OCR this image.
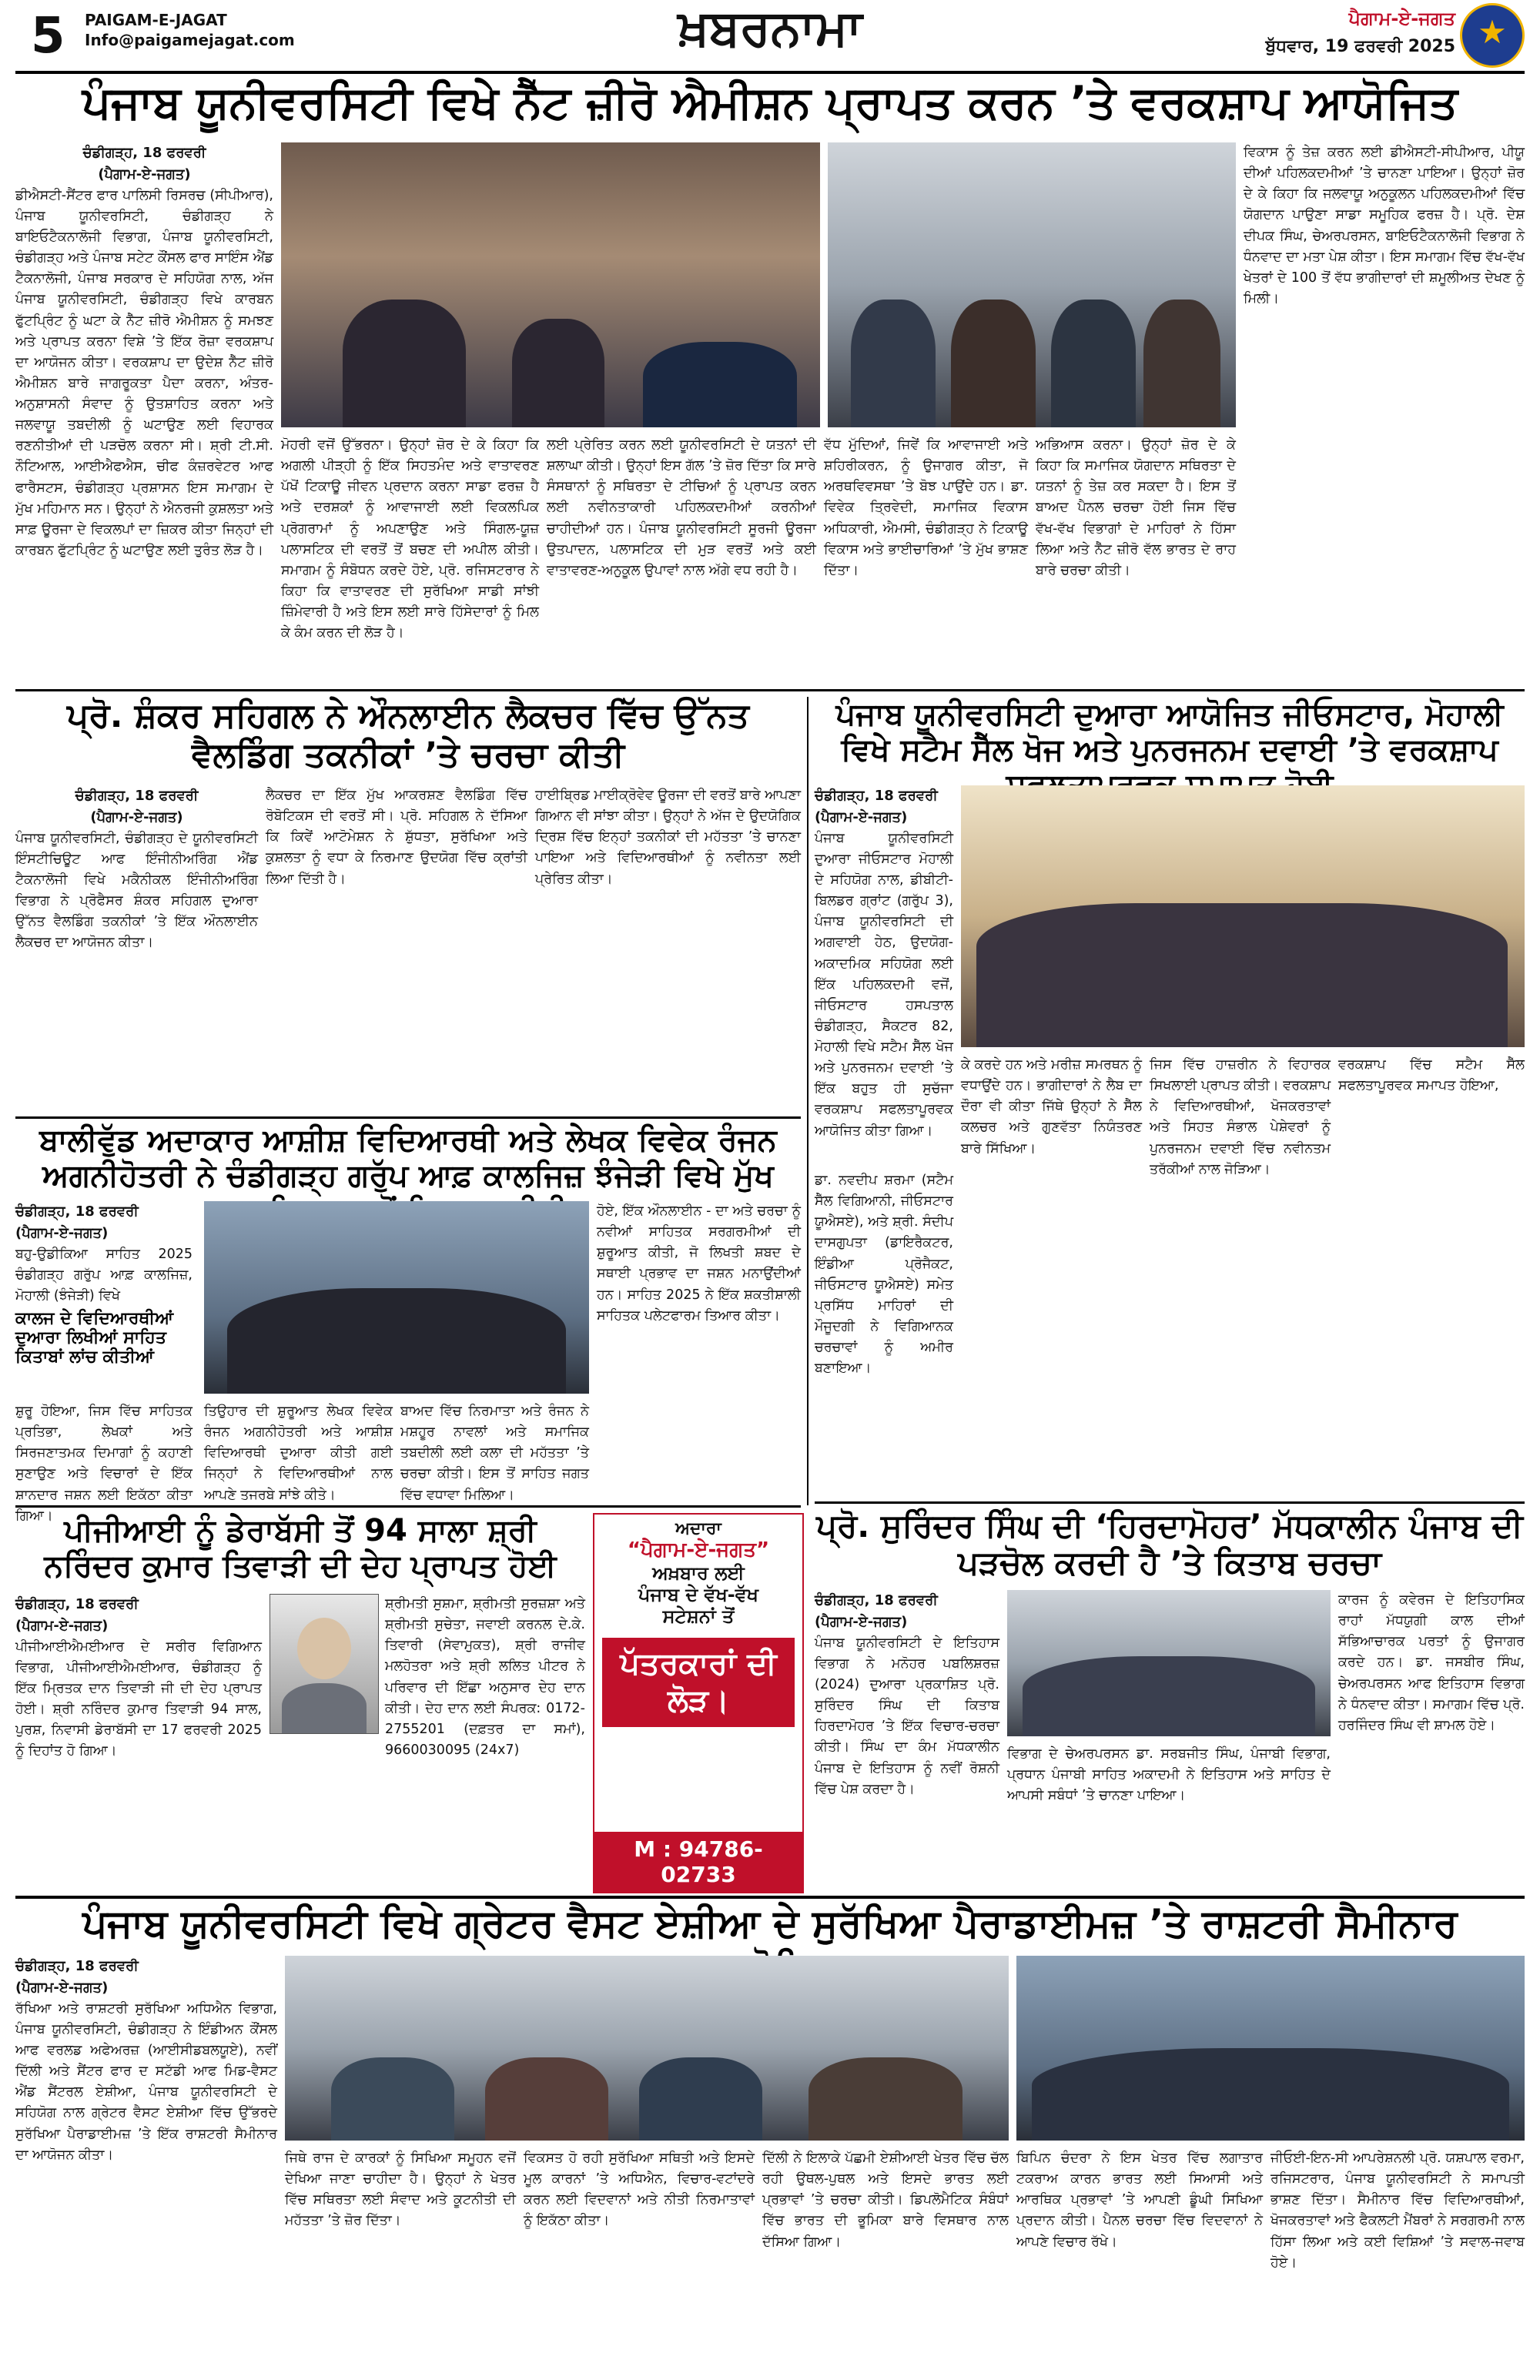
5 PAIGAM-E-JAGAT
Info@paigamejagat.com	ਖ਼ਬਰਨਾਮਾ	ਪੈਗਾਮ-ਏ-ਜਗਤ
ਬੁੱਧਵਾਰ, 19 ਫਰਵਰੀ 2025
★
ਪੰਜਾਬ ਯੂਨੀਵਰਸਿਟੀ ਵਿਖੇ ਨੈੱਟ ਜ਼ੀਰੋ ਐਮੀਸ਼ਨ ਪ੍ਰਾਪਤ ਕਰਨ ’ਤੇ ਵਰਕਸ਼ਾਪ ਆਯੋਜਿਤ
ਚੰਡੀਗੜ੍ਹ, 18 ਫਰਵਰੀ
(ਪੈਗਾਮ-ਏ-ਜਗਤ)
ਡੀਐਸਟੀ-ਸੈਂਟਰ ਫਾਰ ਪਾਲਿਸੀ ਰਿਸਰਚ (ਸੀਪੀਆਰ), ਪੰਜਾਬ ਯੂਨੀਵਰਸਿਟੀ, ਚੰਡੀਗੜ੍ਹ ਨੇ ਬਾਇਓਟੈਕਨਾਲੋਜੀ ਵਿਭਾਗ, ਪੰਜਾਬ ਯੂਨੀਵਰਸਿਟੀ, ਚੰਡੀਗੜ੍ਹ ਅਤੇ ਪੰਜਾਬ ਸਟੇਟ ਕੌਂਸਲ ਫਾਰ ਸਾਇੰਸ ਐਂਡ ਟੈਕਨਾਲੋਜੀ, ਪੰਜਾਬ ਸਰਕਾਰ ਦੇ ਸਹਿਯੋਗ ਨਾਲ, ਅੱਜ ਪੰਜਾਬ ਯੂਨੀਵਰਸਿਟੀ, ਚੰਡੀਗੜ੍ਹ ਵਿਖੇ ਕਾਰਬਨ ਫੁੱਟਪ੍ਰਿੰਟ ਨੂੰ ਘਟਾ ਕੇ ਨੈੱਟ ਜ਼ੀਰੋ ਐਮੀਸ਼ਨ ਨੂੰ ਸਮਝਣ ਅਤੇ ਪ੍ਰਾਪਤ ਕਰਨਾ ਵਿਸ਼ੇ ’ਤੇ ਇੱਕ ਰੋਜ਼ਾ ਵਰਕਸ਼ਾਪ ਦਾ ਆਯੋਜਨ ਕੀਤਾ। ਵਰਕਸ਼ਾਪ ਦਾ ਉਦੇਸ਼ ਨੈੱਟ ਜ਼ੀਰੋ ਐਮੀਸ਼ਨ ਬਾਰੇ ਜਾਗਰੂਕਤਾ ਪੈਦਾ ਕਰਨਾ, ਅੰਤਰ-ਅਨੁਸ਼ਾਸਨੀ ਸੰਵਾਦ ਨੂੰ ਉਤਸ਼ਾਹਿਤ ਕਰਨਾ ਅਤੇ ਜਲਵਾਯੂ ਤਬਦੀਲੀ ਨੂੰ ਘਟਾਉਣ ਲਈ ਵਿਹਾਰਕ ਰਣਨੀਤੀਆਂ ਦੀ ਪੜਚੋਲ ਕਰਨਾ ਸੀ। ਸ਼੍ਰੀ ਟੀ.ਸੀ. ਨੌਟਿਆਲ, ਆਈਐਫਐਸ, ਚੀਫ ਕੰਜ਼ਰਵੇਟਰ ਆਫ ਫਾਰੈਸਟਸ, ਚੰਡੀਗੜ੍ਹ ਪ੍ਰਸ਼ਾਸਨ ਇਸ ਸਮਾਗਮ ਦੇ ਮੁੱਖ ਮਹਿਮਾਨ ਸਨ। ਉਨ੍ਹਾਂ ਨੇ ਐਨਰਜੀ ਕੁਸ਼ਲਤਾ ਅਤੇ ਸਾਫ਼ ਊਰਜਾ ਦੇ ਵਿਕਲਪਾਂ ਦਾ ਜ਼ਿਕਰ ਕੀਤਾ ਜਿਨ੍ਹਾਂ ਦੀ ਕਾਰਬਨ ਫੁੱਟਪ੍ਰਿੰਟ ਨੂੰ ਘਟਾਉਣ ਲਈ ਤੁਰੰਤ ਲੋੜ ਹੈ।
ਵਿਕਾਸ ਨੂੰ ਤੇਜ਼ ਕਰਨ ਲਈ ਡੀਐਸਟੀ-ਸੀਪੀਆਰ, ਪੀਯੂ ਦੀਆਂ ਪਹਿਲਕਦਮੀਆਂ ’ਤੇ ਚਾਨਣਾ ਪਾਇਆ। ਉਨ੍ਹਾਂ ਜ਼ੋਰ ਦੇ ਕੇ ਕਿਹਾ ਕਿ ਜਲਵਾਯੂ ਅਨੁਕੂਲਨ ਪਹਿਲਕਦਮੀਆਂ ਵਿੱਚ ਯੋਗਦਾਨ ਪਾਉਣਾ ਸਾਡਾ ਸਮੂਹਿਕ ਫਰਜ਼ ਹੈ। ਪ੍ਰੋ. ਦੇਸ਼ ਦੀਪਕ ਸਿੰਘ, ਚੇਅਰਪਰਸਨ, ਬਾਇਓਟੈਕਨਾਲੋਜੀ ਵਿਭਾਗ ਨੇ ਧੰਨਵਾਦ ਦਾ ਮਤਾ ਪੇਸ਼ ਕੀਤਾ। ਇਸ ਸਮਾਗਮ ਵਿੱਚ ਵੱਖ-ਵੱਖ ਖੇਤਰਾਂ ਦੇ 100 ਤੋਂ ਵੱਧ ਭਾਗੀਦਾਰਾਂ ਦੀ ਸ਼ਮੂਲੀਅਤ ਦੇਖਣ ਨੂੰ ਮਿਲੀ।
ਮੋਹਰੀ ਵਜੋਂ ਉੱਭਰਨਾ। ਉਨ੍ਹਾਂ ਜ਼ੋਰ ਦੇ ਕੇ ਕਿਹਾ ਕਿ ਅਗਲੀ ਪੀੜ੍ਹੀ ਨੂੰ ਇੱਕ ਸਿਹਤਮੰਦ ਅਤੇ ਵਾਤਾਵਰਣ ਪੱਖੋਂ ਟਿਕਾਊ ਜੀਵਨ ਪ੍ਰਦਾਨ ਕਰਨਾ ਸਾਡਾ ਫਰਜ਼ ਹੈ ਅਤੇ ਦਰਸ਼ਕਾਂ ਨੂੰ ਆਵਾਜਾਈ ਲਈ ਵਿਕਲਪਿਕ ਪ੍ਰੋਗਰਾਮਾਂ ਨੂੰ ਅਪਣਾਉਣ ਅਤੇ ਸਿੰਗਲ-ਯੂਜ਼ ਪਲਾਸਟਿਕ ਦੀ ਵਰਤੋਂ ਤੋਂ ਬਚਣ ਦੀ ਅਪੀਲ ਕੀਤੀ। ਸਮਾਗਮ ਨੂੰ ਸੰਬੋਧਨ ਕਰਦੇ ਹੋਏ, ਪ੍ਰੋ. ਰਜਿਸਟਰਾਰ ਨੇ ਕਿਹਾ ਕਿ ਵਾਤਾਵਰਣ ਦੀ ਸੁਰੱਖਿਆ ਸਾਡੀ ਸਾਂਝੀ ਜ਼ਿੰਮੇਵਾਰੀ ਹੈ ਅਤੇ ਇਸ ਲਈ ਸਾਰੇ ਹਿੱਸੇਦਾਰਾਂ ਨੂੰ ਮਿਲ ਕੇ ਕੰਮ ਕਰਨ ਦੀ ਲੋੜ ਹੈ।
ਲਈ ਪ੍ਰੇਰਿਤ ਕਰਨ ਲਈ ਯੂਨੀਵਰਸਿਟੀ ਦੇ ਯਤਨਾਂ ਦੀ ਸ਼ਲਾਘਾ ਕੀਤੀ। ਉਨ੍ਹਾਂ ਇਸ ਗੱਲ ’ਤੇ ਜ਼ੋਰ ਦਿੱਤਾ ਕਿ ਸਾਰੇ ਸੰਸਥਾਨਾਂ ਨੂੰ ਸਥਿਰਤਾ ਦੇ ਟੀਚਿਆਂ ਨੂੰ ਪ੍ਰਾਪਤ ਕਰਨ ਲਈ ਨਵੀਨਤਾਕਾਰੀ ਪਹਿਲਕਦਮੀਆਂ ਕਰਨੀਆਂ ਚਾਹੀਦੀਆਂ ਹਨ। ਪੰਜਾਬ ਯੂਨੀਵਰਸਿਟੀ ਸੂਰਜੀ ਊਰਜਾ ਉਤਪਾਦਨ, ਪਲਾਸਟਿਕ ਦੀ ਮੁੜ ਵਰਤੋਂ ਅਤੇ ਕਈ ਵਾਤਾਵਰਣ-ਅਨੁਕੂਲ ਉਪਾਵਾਂ ਨਾਲ ਅੱਗੇ ਵਧ ਰਹੀ ਹੈ।
ਵੱਧ ਮੁੱਦਿਆਂ, ਜਿਵੇਂ ਕਿ ਆਵਾਜਾਈ ਅਤੇ ਸ਼ਹਿਰੀਕਰਨ, ਨੂੰ ਉਜਾਗਰ ਕੀਤਾ, ਜੋ ਅਰਥਵਿਵਸਥਾ ’ਤੇ ਬੋਝ ਪਾਉਂਦੇ ਹਨ। ਡਾ. ਵਿਵੇਕ ਤ੍ਰਿਵੇਦੀ, ਸਮਾਜਿਕ ਵਿਕਾਸ ਅਧਿਕਾਰੀ, ਐਮਸੀ, ਚੰਡੀਗੜ੍ਹ ਨੇ ਟਿਕਾਊ ਵਿਕਾਸ ਅਤੇ ਭਾਈਚਾਰਿਆਂ ’ਤੇ ਮੁੱਖ ਭਾਸ਼ਣ ਦਿੱਤਾ।
ਅਭਿਆਸ ਕਰਨਾ। ਉਨ੍ਹਾਂ ਜ਼ੋਰ ਦੇ ਕੇ ਕਿਹਾ ਕਿ ਸਮਾਜਿਕ ਯੋਗਦਾਨ ਸਥਿਰਤਾ ਦੇ ਯਤਨਾਂ ਨੂੰ ਤੇਜ਼ ਕਰ ਸਕਦਾ ਹੈ। ਇਸ ਤੋਂ ਬਾਅਦ ਪੈਨਲ ਚਰਚਾ ਹੋਈ ਜਿਸ ਵਿੱਚ ਵੱਖ-ਵੱਖ ਵਿਭਾਗਾਂ ਦੇ ਮਾਹਿਰਾਂ ਨੇ ਹਿੱਸਾ ਲਿਆ ਅਤੇ ਨੈੱਟ ਜ਼ੀਰੋ ਵੱਲ ਭਾਰਤ ਦੇ ਰਾਹ ਬਾਰੇ ਚਰਚਾ ਕੀਤੀ।
ਪ੍ਰੋ. ਸ਼ੰਕਰ ਸਹਿਗਲ ਨੇ ਔਨਲਾਈਨ ਲੈਕਚਰ ਵਿੱਚ ਉੱਨਤ ਵੈਲਡਿੰਗ ਤਕਨੀਕਾਂ ’ਤੇ ਚਰਚਾ ਕੀਤੀ
ਚੰਡੀਗੜ੍ਹ, 18 ਫਰਵਰੀ
(ਪੈਗਾਮ-ਏ-ਜਗਤ)
ਪੰਜਾਬ ਯੂਨੀਵਰਸਿਟੀ, ਚੰਡੀਗੜ੍ਹ ਦੇ ਯੂਨੀਵਰਸਿਟੀ ਇੰਸਟੀਚਿਊਟ ਆਫ ਇੰਜੀਨੀਅਰਿੰਗ ਐਂਡ ਟੈਕਨਾਲੋਜੀ ਵਿਖੇ ਮਕੈਨੀਕਲ ਇੰਜੀਨੀਅਰਿੰਗ ਵਿਭਾਗ ਨੇ ਪ੍ਰੋਫੈਸਰ ਸ਼ੰਕਰ ਸਹਿਗਲ ਦੁਆਰਾ ਉੱਨਤ ਵੈਲਡਿੰਗ ਤਕਨੀਕਾਂ ’ਤੇ ਇੱਕ ਔਨਲਾਈਨ ਲੈਕਚਰ ਦਾ ਆਯੋਜਨ ਕੀਤਾ।
ਲੈਕਚਰ ਦਾ ਇੱਕ ਮੁੱਖ ਆਕਰਸ਼ਣ ਵੈਲਡਿੰਗ ਵਿੱਚ ਰੋਬੋਟਿਕਸ ਦੀ ਵਰਤੋਂ ਸੀ। ਪ੍ਰੋ. ਸਹਿਗਲ ਨੇ ਦੱਸਿਆ ਕਿ ਕਿਵੇਂ ਆਟੋਮੇਸ਼ਨ ਨੇ ਸ਼ੁੱਧਤਾ, ਸੁਰੱਖਿਆ ਅਤੇ ਕੁਸ਼ਲਤਾ ਨੂੰ ਵਧਾ ਕੇ ਨਿਰਮਾਣ ਉਦਯੋਗ ਵਿੱਚ ਕ੍ਰਾਂਤੀ ਲਿਆ ਦਿੱਤੀ ਹੈ।
ਹਾਈਬ੍ਰਿਡ ਮਾਈਕ੍ਰੋਵੇਵ ਊਰਜਾ ਦੀ ਵਰਤੋਂ ਬਾਰੇ ਆਪਣਾ ਗਿਆਨ ਵੀ ਸਾਂਝਾ ਕੀਤਾ। ਉਨ੍ਹਾਂ ਨੇ ਅੱਜ ਦੇ ਉਦਯੋਗਿਕ ਦ੍ਰਿਸ਼ ਵਿੱਚ ਇਨ੍ਹਾਂ ਤਕਨੀਕਾਂ ਦੀ ਮਹੱਤਤਾ ’ਤੇ ਚਾਨਣਾ ਪਾਇਆ ਅਤੇ ਵਿਦਿਆਰਥੀਆਂ ਨੂੰ ਨਵੀਨਤਾ ਲਈ ਪ੍ਰੇਰਿਤ ਕੀਤਾ।
ਪੰਜਾਬ ਯੂਨੀਵਰਸਿਟੀ ਦੁਆਰਾ ਆਯੋਜਿਤ ਜੀਓਸਟਾਰ, ਮੋਹਾਲੀ ਵਿਖੇ ਸਟੈਮ ਸੈੱਲ ਖੋਜ ਅਤੇ ਪੁਨਰਜਨਮ ਦਵਾਈ ’ਤੇ ਵਰਕਸ਼ਾਪ
ਚੰਡੀਗੜ੍ਹ, 18 ਫਰਵਰੀ
(ਪੈਗਾਮ-ਏ-ਜਗਤ)
ਪੰਜਾਬ ਯੂਨੀਵਰਸਿਟੀ ਦੁਆਰਾ ਜੀਓਸਟਾਰ ਮੋਹਾਲੀ ਦੇ ਸਹਿਯੋਗ ਨਾਲ, ਡੀਬੀਟੀ-ਬਿਲਡਰ ਗ੍ਰਾਂਟ (ਗਰੁੱਪ 3), ਪੰਜਾਬ ਯੂਨੀਵਰਸਿਟੀ ਦੀ ਅਗਵਾਈ ਹੇਠ, ਉਦਯੋਗ-ਅਕਾਦਮਿਕ ਸਹਿਯੋਗ ਲਈ ਇੱਕ ਪਹਿਲਕਦਮੀ ਵਜੋਂ, ਜੀਓਸਟਾਰ ਹਸਪਤਾਲ ਚੰਡੀਗੜ੍ਹ, ਸੈਕਟਰ 82, ਮੋਹਾਲੀ ਵਿਖੇ ਸਟੈਮ ਸੈੱਲ ਖੋਜ ਅਤੇ ਪੁਨਰਜਨਮ ਦਵਾਈ ’ਤੇ ਇੱਕ ਬਹੁਤ ਹੀ ਸੁਚੱਜਾ ਵਰਕਸ਼ਾਪ ਸਫਲਤਾਪੂਰਵਕ ਆਯੋਜਿਤ ਕੀਤਾ ਗਿਆ।
ਡਾ. ਨਵਦੀਪ ਸ਼ਰਮਾ (ਸਟੈਮ ਸੈੱਲ ਵਿਗਿਆਨੀ, ਜੀਓਸਟਾਰ ਯੂਐਸਏ), ਅਤੇ ਸ਼੍ਰੀ. ਸੰਦੀਪ ਦਾਸਗੁਪਤਾ (ਡਾਇਰੈਕਟਰ, ਇੰਡੀਆ ਪ੍ਰੋਜੈਕਟ, ਜੀਓਸਟਾਰ ਯੂਐਸਏ) ਸਮੇਤ ਪ੍ਰਸਿੱਧ ਮਾਹਿਰਾਂ ਦੀ ਮੌਜੂਦਗੀ ਨੇ ਵਿਗਿਆਨਕ ਚਰਚਾਵਾਂ ਨੂੰ ਅਮੀਰ ਬਣਾਇਆ।
ਕੇ ਕਰਦੇ ਹਨ ਅਤੇ ਮਰੀਜ਼ ਸਮਰਥਨ ਨੂੰ ਵਧਾਉਂਦੇ ਹਨ। ਭਾਗੀਦਾਰਾਂ ਨੇ ਲੈਬ ਦਾ ਦੌਰਾ ਵੀ ਕੀਤਾ ਜਿੱਥੇ ਉਨ੍ਹਾਂ ਨੇ ਸੈੱਲ ਕਲਚਰ ਅਤੇ ਗੁਣਵੱਤਾ ਨਿਯੰਤਰਣ ਬਾਰੇ ਸਿੱਖਿਆ।
ਜਿਸ ਵਿੱਚ ਹਾਜ਼ਰੀਨ ਨੇ ਵਿਹਾਰਕ ਸਿਖਲਾਈ ਪ੍ਰਾਪਤ ਕੀਤੀ। ਵਰਕਸ਼ਾਪ ਨੇ ਵਿਦਿਆਰਥੀਆਂ, ਖੋਜਕਰਤਾਵਾਂ ਅਤੇ ਸਿਹਤ ਸੰਭਾਲ ਪੇਸ਼ੇਵਰਾਂ ਨੂੰ ਪੁਨਰਜਨਮ ਦਵਾਈ ਵਿੱਚ ਨਵੀਨਤਮ ਤਰੱਕੀਆਂ ਨਾਲ ਜੋੜਿਆ।
ਵਰਕਸ਼ਾਪ ਵਿੱਚ ਸਟੈਮ ਸੈੱਲ ਸਫਲਤਾਪੂਰਵਕ ਸਮਾਪਤ ਹੋਇਆ,
ਬਾਲੀਵੁੱਡ ਅਦਾਕਾਰ ਆਸ਼ੀਸ਼ ਵਿਦਿਆਰਥੀ ਅਤੇ ਲੇਖਕ ਵਿਵੇਕ ਰੰਜਨ ਅਗਨੀਹੋਤਰੀ ਨੇ ਚੰਡੀਗੜ੍ਹ ਗਰੁੱਪ ਆਫ਼ ਕਾਲਜਿਜ਼ ਝੰਜੇੜੀ ਵਿਖੇ ਮੁੱਖ
ਚੰਡੀਗੜ੍ਹ, 18 ਫਰਵਰੀ
(ਪੈਗਾਮ-ਏ-ਜਗਤ)
ਬਹੁ-ਉਡੀਕਿਆ ਸਾਹਿਤ 2025 ਚੰਡੀਗੜ੍ਹ ਗਰੁੱਪ ਆਫ਼ ਕਾਲਜਿਜ਼, ਮੋਹਾਲੀ (ਝੰਜੇੜੀ) ਵਿਖੇ
ਕਾਲਜ ਦੇ ਵਿਦਿਆਰਥੀਆਂ ਦੁਆਰਾ ਲਿਖੀਆਂ ਸਾਹਿਤ ਕਿਤਾਬਾਂ ਲਾਂਚ ਕੀਤੀਆਂ
ਸ਼ੁਰੂ ਹੋਇਆ, ਜਿਸ ਵਿੱਚ ਸਾਹਿਤਕ ਪ੍ਰਤਿਭਾ, ਲੇਖਕਾਂ ਅਤੇ ਸਿਰਜਣਾਤਮਕ ਦਿਮਾਗਾਂ ਨੂੰ ਕਹਾਣੀ ਸੁਣਾਉਣ ਅਤੇ ਵਿਚਾਰਾਂ ਦੇ ਇੱਕ ਸ਼ਾਨਦਾਰ ਜਸ਼ਨ ਲਈ ਇਕੱਠਾ ਕੀਤਾ ਗਿਆ।
ਤਿਉਹਾਰ ਦੀ ਸ਼ੁਰੂਆਤ ਲੇਖਕ ਵਿਵੇਕ ਰੰਜਨ ਅਗਨੀਹੋਤਰੀ ਅਤੇ ਆਸ਼ੀਸ਼ ਵਿਦਿਆਰਥੀ ਦੁਆਰਾ ਕੀਤੀ ਗਈ ਜਿਨ੍ਹਾਂ ਨੇ ਵਿਦਿਆਰਥੀਆਂ ਨਾਲ ਆਪਣੇ ਤਜਰਬੇ ਸਾਂਝੇ ਕੀਤੇ।
ਬਾਅਦ ਵਿੱਚ ਨਿਰਮਾਤਾ ਅਤੇ ਰੰਜਨ ਨੇ ਮਸ਼ਹੂਰ ਨਾਵਲਾਂ ਅਤੇ ਸਮਾਜਿਕ ਤਬਦੀਲੀ ਲਈ ਕਲਾ ਦੀ ਮਹੱਤਤਾ ’ਤੇ ਚਰਚਾ ਕੀਤੀ। ਇਸ ਤੋਂ ਸਾਹਿਤ ਜਗਤ ਵਿੱਚ ਵਧਾਵਾ ਮਿਲਿਆ।
ਹੋਏ, ਇੱਕ ਔਨਲਾਈਨ - ਦਾ ਅਤੇ ਚਰਚਾ ਨੂੰ ਨਵੀਆਂ ਸਾਹਿਤਕ ਸਰਗਰਮੀਆਂ ਦੀ ਸ਼ੁਰੂਆਤ ਕੀਤੀ, ਜੋ ਲਿਖਤੀ ਸ਼ਬਦ ਦੇ ਸਥਾਈ ਪ੍ਰਭਾਵ ਦਾ ਜਸ਼ਨ ਮਨਾਉਂਦੀਆਂ ਹਨ। ਸਾਹਿਤ 2025 ਨੇ ਇੱਕ ਸ਼ਕਤੀਸ਼ਾਲੀ ਸਾਹਿਤਕ ਪਲੇਟਫਾਰਮ ਤਿਆਰ ਕੀਤਾ।
ਪੀਜੀਆਈ ਨੂੰ ਡੇਰਾਬੱਸੀ ਤੋਂ 94 ਸਾਲਾ ਸ਼੍ਰੀ ਨਰਿੰਦਰ ਕੁਮਾਰ ਤਿਵਾੜੀ ਦੀ ਦੇਹ ਪ੍ਰਾਪਤ ਹੋਈ
ਚੰਡੀਗੜ੍ਹ, 18 ਫਰਵਰੀ
(ਪੈਗਾਮ-ਏ-ਜਗਤ)
ਪੀਜੀਆਈਐਮਈਆਰ ਦੇ ਸਰੀਰ ਵਿਗਿਆਨ ਵਿਭਾਗ, ਪੀਜੀਆਈਐਮਈਆਰ, ਚੰਡੀਗੜ੍ਹ ਨੂੰ ਇੱਕ ਮ੍ਰਿਤਕ ਦਾਨ ਤਿਵਾੜੀ ਜੀ ਦੀ ਦੇਹ ਪ੍ਰਾਪਤ ਹੋਈ। ਸ਼੍ਰੀ ਨਰਿੰਦਰ ਕੁਮਾਰ ਤਿਵਾੜੀ 94 ਸਾਲ, ਪੁਰਸ਼, ਨਿਵਾਸੀ ਡੇਰਾਬੱਸੀ ਦਾ 17 ਫਰਵਰੀ 2025 ਨੂੰ ਦਿਹਾਂਤ ਹੋ ਗਿਆ।
ਸ਼੍ਰੀਮਤੀ ਸੁਸ਼ਮਾ, ਸ਼੍ਰੀਮਤੀ ਸੁਰਜ਼ਸ਼ਾ ਅਤੇ ਸ਼੍ਰੀਮਤੀ ਸੁਚੇਤਾ, ਜਵਾਈ ਕਰਨਲ ਦੇ.ਕੇ. ਤਿਵਾਰੀ (ਸੇਵਾਮੁਕਤ), ਸ਼੍ਰੀ ਰਾਜੀਵ ਮਲਹੋਤਰਾ ਅਤੇ ਸ਼੍ਰੀ ਲਲਿਤ ਪੀਟਰ ਨੇ ਪਰਿਵਾਰ ਦੀ ਇੱਛਾ ਅਨੁਸਾਰ ਦੇਹ ਦਾਨ ਕੀਤੀ। ਦੇਹ ਦਾਨ ਲਈ ਸੰਪਰਕ: 0172-2755201 (ਦਫ਼ਤਰ ਦਾ ਸਮਾਂ), 9660030095 (24x7)
ਅਦਾਰਾ
“ਪੈਗਾਮ-ਏ-ਜਗਤ”
ਅਖ਼ਬਾਰ ਲਈ
ਪੰਜਾਬ ਦੇ ਵੱਖ-ਵੱਖ
ਸਟੇਸ਼ਨਾਂ ਤੋਂ
ਪੱਤਰਕਾਰਾਂ ਦੀ ਲੋੜ।
M : 94786-02733
ਪ੍ਰੋ. ਸੁਰਿੰਦਰ ਸਿੰਘ ਦੀ ‘ਹਿਰਦਾਮੋਹਰ’ ਮੱਧਕਾਲੀਨ ਪੰਜਾਬ ਦੀ ਪੜਚੋਲ ਕਰਦੀ ਹੈ ’ਤੇ ਕਿਤਾਬ ਚਰਚਾ
ਚੰਡੀਗੜ੍ਹ, 18 ਫਰਵਰੀ
(ਪੈਗਾਮ-ਏ-ਜਗਤ)
ਪੰਜਾਬ ਯੂਨੀਵਰਸਿਟੀ ਦੇ ਇਤਿਹਾਸ ਵਿਭਾਗ ਨੇ ਮਨੋਹਰ ਪਬਲਿਸ਼ਰਜ਼ (2024) ਦੁਆਰਾ ਪ੍ਰਕਾਸ਼ਿਤ ਪ੍ਰੋ. ਸੁਰਿੰਦਰ ਸਿੰਘ ਦੀ ਕਿਤਾਬ ਹਿਰਦਾਮੋਹਰ ’ਤੇ ਇੱਕ ਵਿਚਾਰ-ਚਰਚਾ ਕੀਤੀ। ਸਿੰਘ ਦਾ ਕੰਮ ਮੱਧਕਾਲੀਨ ਪੰਜਾਬ ਦੇ ਇਤਿਹਾਸ ਨੂੰ ਨਵੀਂ ਰੋਸ਼ਨੀ ਵਿੱਚ ਪੇਸ਼ ਕਰਦਾ ਹੈ।
ਵਿਭਾਗ ਦੇ ਚੇਅਰਪਰਸਨ ਡਾ. ਸਰਬਜੀਤ ਸਿੰਘ, ਪੰਜਾਬੀ ਵਿਭਾਗ, ਪ੍ਰਧਾਨ ਪੰਜਾਬੀ ਸਾਹਿਤ ਅਕਾਦਮੀ ਨੇ ਇਤਿਹਾਸ ਅਤੇ ਸਾਹਿਤ ਦੇ ਆਪਸੀ ਸਬੰਧਾਂ ’ਤੇ ਚਾਨਣਾ ਪਾਇਆ।
ਕਾਰਜ ਨੂੰ ਕਵੇਰਜ ਦੇ ਇਤਿਹਾਸਿਕ ਰਾਹਾਂ ਮੱਧਯੁਗੀ ਕਾਲ ਦੀਆਂ ਸੱਭਿਆਚਾਰਕ ਪਰਤਾਂ ਨੂੰ ਉਜਾਗਰ ਕਰਦੇ ਹਨ। ਡਾ. ਜਸਬੀਰ ਸਿੰਘ, ਚੇਅਰਪਰਸਨ ਆਫ ਇਤਿਹਾਸ ਵਿਭਾਗ ਨੇ ਧੰਨਵਾਦ ਕੀਤਾ। ਸਮਾਗਮ ਵਿੱਚ ਪ੍ਰੋ. ਹਰਜਿੰਦਰ ਸਿੰਘ ਵੀ ਸ਼ਾਮਲ ਹੋਏ।
ਪੰਜਾਬ ਯੂਨੀਵਰਸਿਟੀ ਵਿਖੇ ਗ੍ਰੇਟਰ ਵੈਸਟ ਏਸ਼ੀਆ ਦੇ ਸੁਰੱਖਿਆ ਪੈਰਾਡਾਈਮਜ਼ ’ਤੇ ਰਾਸ਼ਟਰੀ ਸੈਮੀਨਾਰ
ਚੰਡੀਗੜ੍ਹ, 18 ਫਰਵਰੀ
(ਪੈਗਾਮ-ਏ-ਜਗਤ)
ਰੱਖਿਆ ਅਤੇ ਰਾਸ਼ਟਰੀ ਸੁਰੱਖਿਆ ਅਧਿਐਨ ਵਿਭਾਗ, ਪੰਜਾਬ ਯੂਨੀਵਰਸਿਟੀ, ਚੰਡੀਗੜ੍ਹ ਨੇ ਇੰਡੀਅਨ ਕੌਂਸਲ ਆਫ ਵਰਲਡ ਅਫੇਅਰਜ਼ (ਆਈਸੀਡਬਲਯੂਏ), ਨਵੀਂ ਦਿੱਲੀ ਅਤੇ ਸੈਂਟਰ ਫਾਰ ਦ ਸਟੱਡੀ ਆਫ ਮਿਡ-ਵੈਸਟ ਐਂਡ ਸੈਂਟਰਲ ਏਸ਼ੀਆ, ਪੰਜਾਬ ਯੂਨੀਵਰਸਿਟੀ ਦੇ ਸਹਿਯੋਗ ਨਾਲ ਗ੍ਰੇਟਰ ਵੈਸਟ ਏਸ਼ੀਆ ਵਿੱਚ ਉੱਭਰਦੇ ਸੁਰੱਖਿਆ ਪੈਰਾਡਾਈਮਜ਼ ’ਤੇ ਇੱਕ ਰਾਸ਼ਟਰੀ ਸੈਮੀਨਾਰ ਦਾ ਆਯੋਜਨ ਕੀਤਾ।	ਜਿਥੇ ਰਾਜ ਦੇ ਕਾਰਕਾਂ ਨੂੰ ਸਿਖਿਆ ਸਮੂਹਨ ਵਜੋਂ ਦੇਖਿਆ ਜਾਣਾ ਚਾਹੀਦਾ ਹੈ। ਉਨ੍ਹਾਂ ਨੇ ਖੇਤਰ ਵਿੱਚ ਸਥਿਰਤਾ ਲਈ ਸੰਵਾਦ ਅਤੇ ਕੂਟਨੀਤੀ ਦੀ ਮਹੱਤਤਾ ’ਤੇ ਜ਼ੋਰ ਦਿੱਤਾ।
ਵਿਕਸਤ ਹੋ ਰਹੀ ਸੁਰੱਖਿਆ ਸਥਿਤੀ ਅਤੇ ਇਸਦੇ ਮੂਲ ਕਾਰਨਾਂ ’ਤੇ ਅਧਿਐਨ, ਵਿਚਾਰ-ਵਟਾਂਦਰੇ ਕਰਨ ਲਈ ਵਿਦਵਾਨਾਂ ਅਤੇ ਨੀਤੀ ਨਿਰਮਾਤਾਵਾਂ ਨੂੰ ਇਕੱਠਾ ਕੀਤਾ।
ਦਿੱਲੀ ਨੇ ਇਲਾਕੇ ਪੱਛਮੀ ਏਸ਼ੀਆਈ ਖੇਤਰ ਵਿੱਚ ਚੱਲ ਰਹੀ ਉਥਲ-ਪੁਥਲ ਅਤੇ ਇਸਦੇ ਭਾਰਤ ਲਈ ਪ੍ਰਭਾਵਾਂ ’ਤੇ ਚਰਚਾ ਕੀਤੀ। ਡਿਪਲੋਮੈਟਿਕ ਸੰਬੰਧਾਂ ਵਿੱਚ ਭਾਰਤ ਦੀ ਭੂਮਿਕਾ ਬਾਰੇ ਵਿਸਥਾਰ ਨਾਲ ਦੱਸਿਆ ਗਿਆ।
ਬਿਪਿਨ ਚੰਦਰਾ ਨੇ ਇਸ ਖੇਤਰ ਵਿੱਚ ਲਗਾਤਾਰ ਟਕਰਾਅ ਕਾਰਨ ਭਾਰਤ ਲਈ ਸਿਆਸੀ ਅਤੇ ਆਰਥਿਕ ਪ੍ਰਭਾਵਾਂ ’ਤੇ ਆਪਣੀ ਡੂੰਘੀ ਸਿਖਿਆ ਪ੍ਰਦਾਨ ਕੀਤੀ। ਪੈਨਲ ਚਰਚਾ ਵਿੱਚ ਵਿਦਵਾਨਾਂ ਨੇ ਆਪਣੇ ਵਿਚਾਰ ਰੱਖੇ।
ਜੀਓਈ-ਇਨ-ਸੀ ਆਪਰੇਸ਼ਨਲੀ ਪ੍ਰੋ. ਯਸ਼ਪਾਲ ਵਰਮਾ, ਰਜਿਸਟਰਾਰ, ਪੰਜਾਬ ਯੂਨੀਵਰਸਿਟੀ ਨੇ ਸਮਾਪਤੀ ਭਾਸ਼ਣ ਦਿੱਤਾ। ਸੈਮੀਨਾਰ ਵਿੱਚ ਵਿਦਿਆਰਥੀਆਂ, ਖੋਜਕਰਤਾਵਾਂ ਅਤੇ ਫੈਕਲਟੀ ਮੈਂਬਰਾਂ ਨੇ ਸਰਗਰਮੀ ਨਾਲ ਹਿੱਸਾ ਲਿਆ ਅਤੇ ਕਈ ਵਿਸ਼ਿਆਂ ’ਤੇ ਸਵਾਲ-ਜਵਾਬ ਹੋਏ।
